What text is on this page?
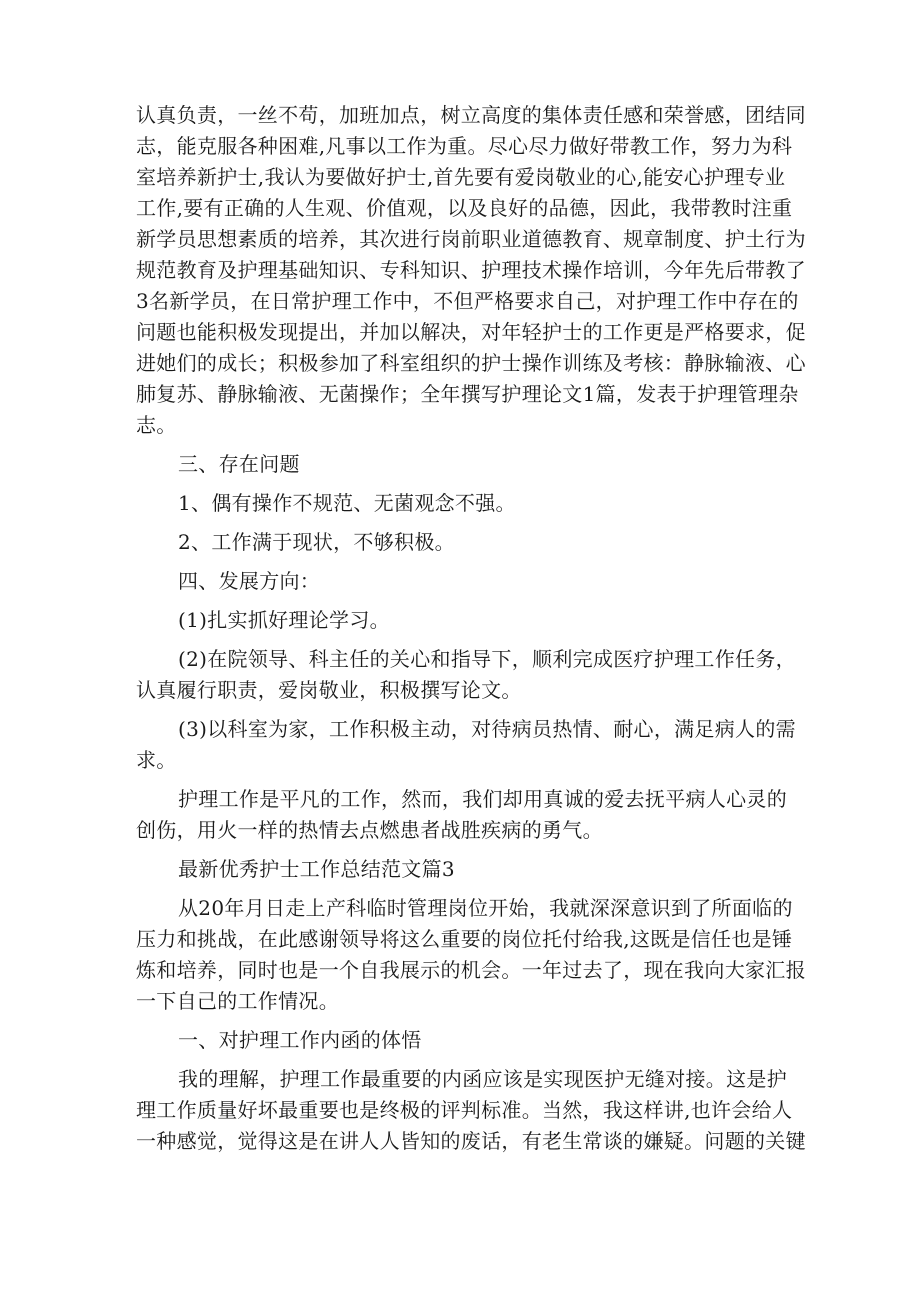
认真负责，一丝不苟，加班加点，树立高度的集体责任感和荣誉感，团结同
志，能克服各种困难,凡事以工作为重。尽心尽力做好带教工作，努力为科
室培养新护士,我认为要做好护士,首先要有爱岗敬业的心,能安心护理专业
工作,要有正确的人生观、价值观，以及良好的品德，因此，我带教时注重
新学员思想素质的培养，其次进行岗前职业道德教育、规章制度、护土行为
规范教育及护理基础知识、专科知识、护理技术操作培训，今年先后带教了
3名新学员，在日常护理工作中，不但严格要求自己，对护理工作中存在的
问题也能积极发现提出，并加以解决，对年轻护士的工作更是严格要求，促
进她们的成长；积极参加了科室组织的护士操作训练及考核：静脉输液、心
肺复苏、静脉输液、无菌操作；全年撰写护理论文1篇，发表于护理管理杂
志。

三、存在问题

1、偶有操作不规范、无菌观念不强。

2、工作满于现状，不够积极。

四、发展方向：

(1)扎实抓好理论学习。

(2)在院领导、科主任的关心和指导下，顺利完成医疗护理工作任务，
认真履行职责，爱岗敬业，积极撰写论文。

(3)以科室为家，工作积极主动，对待病员热情、耐心，满足病人的需
求。

护理工作是平凡的工作，然而，我们却用真诚的爱去抚平病人心灵的
创伤，用火一样的热情去点燃患者战胜疾病的勇气。

最新优秀护士工作总结范文篇3

从20年月日走上产科临时管理岗位开始，我就深深意识到了所面临的
压力和挑战，在此感谢领导将这么重要的岗位托付给我,这既是信任也是锤
炼和培养，同时也是一个自我展示的机会。一年过去了，现在我向大家汇报
一下自己的工作情况。

一、对护理工作内函的体悟

我的理解，护理工作最重要的内函应该是实现医护无缝对接。这是护
理工作质量好坏最重要也是终极的评判标准。当然，我这样讲,也许会给人
一种感觉，觉得这是在讲人人皆知的废话，有老生常谈的嫌疑。问题的关键
